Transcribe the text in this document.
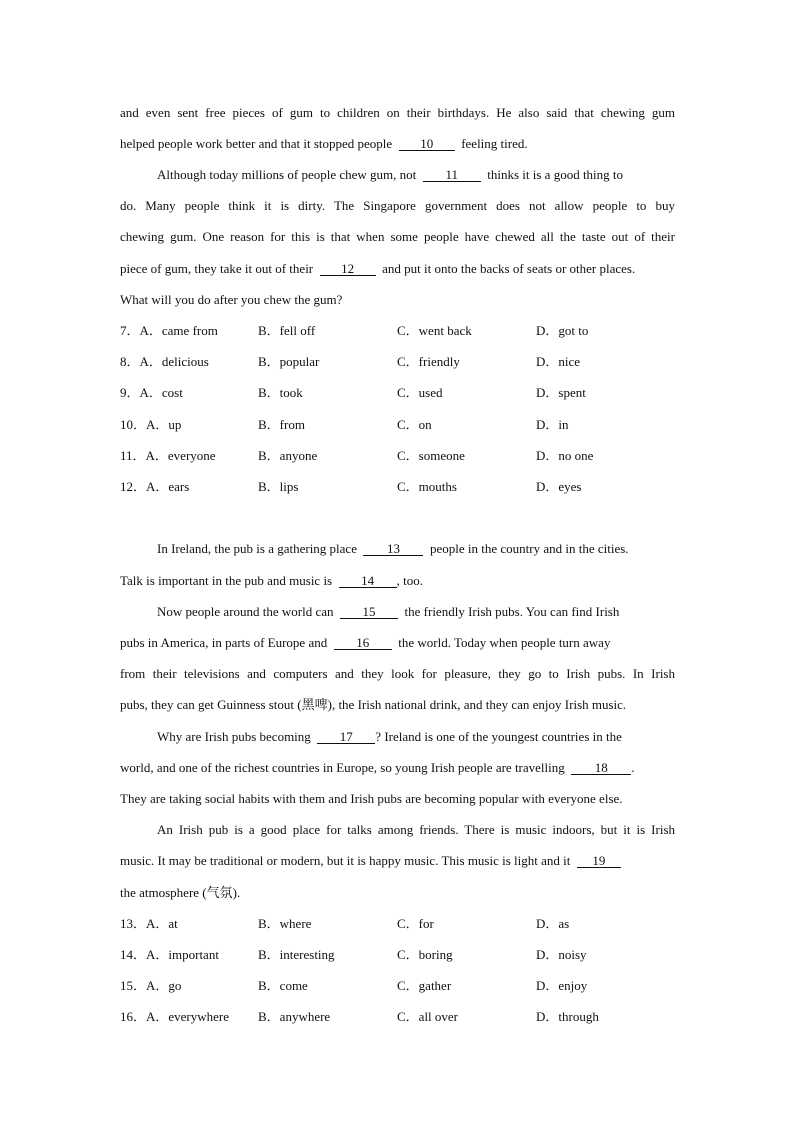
and even sent free pieces of gum to children on their birthdays. He also said that chewing gum
helped people work better and that it stopped people 10 feeling tired.
Although today millions of people chew gum, not 11 thinks it is a good thing to
do. Many people think it is dirty. The Singapore government does not allow people to buy
chewing gum. One reason for this is that when some people have chewed all the taste out of their
piece of gum, they take it out of their 12 and put it onto the backs of seats or other places.
What will you do after you chew the gum?
7．A．came from	B．fell off	C．went back	D．got to
8．A．delicious	B．popular	C．friendly	D．nice
9．A．cost	B．took	C．used	D．spent
10．A．up	B．from	C．on	D．in
11．A．everyone	B．anyone	C．someone	D．no one
12．A．ears	B．lips	C．mouths	D．eyes
In Ireland, the pub is a gathering place 13 people in the country and in the cities.
Talk is important in the pub and music is 14 , too.
Now people around the world can 15 the friendly Irish pubs. You can find Irish
pubs in America, in parts of Europe and 16 the world. Today when people turn away
from their televisions and computers and they look for pleasure, they go to Irish pubs. In Irish
pubs, they can get Guinness stout (黑啤), the Irish national drink, and they can enjoy Irish music.
Why are Irish pubs becoming 17 ? Ireland is one of the youngest countries in the
world, and one of the richest countries in Europe, so young Irish people are travelling 18 .
They are taking social habits with them and Irish pubs are becoming popular with everyone else.
An Irish pub is a good place for talks among friends. There is music indoors, but it is Irish
music. It may be traditional or modern, but it is happy music. This music is light and it 19
the atmosphere (气氛).
13．A．at	B．where	C．for	D．as
14．A．important	B．interesting	C．boring	D．noisy
15．A．go	B．come	C．gather	D．enjoy
16．A．everywhere B．anywhere	C．all over	D．through
